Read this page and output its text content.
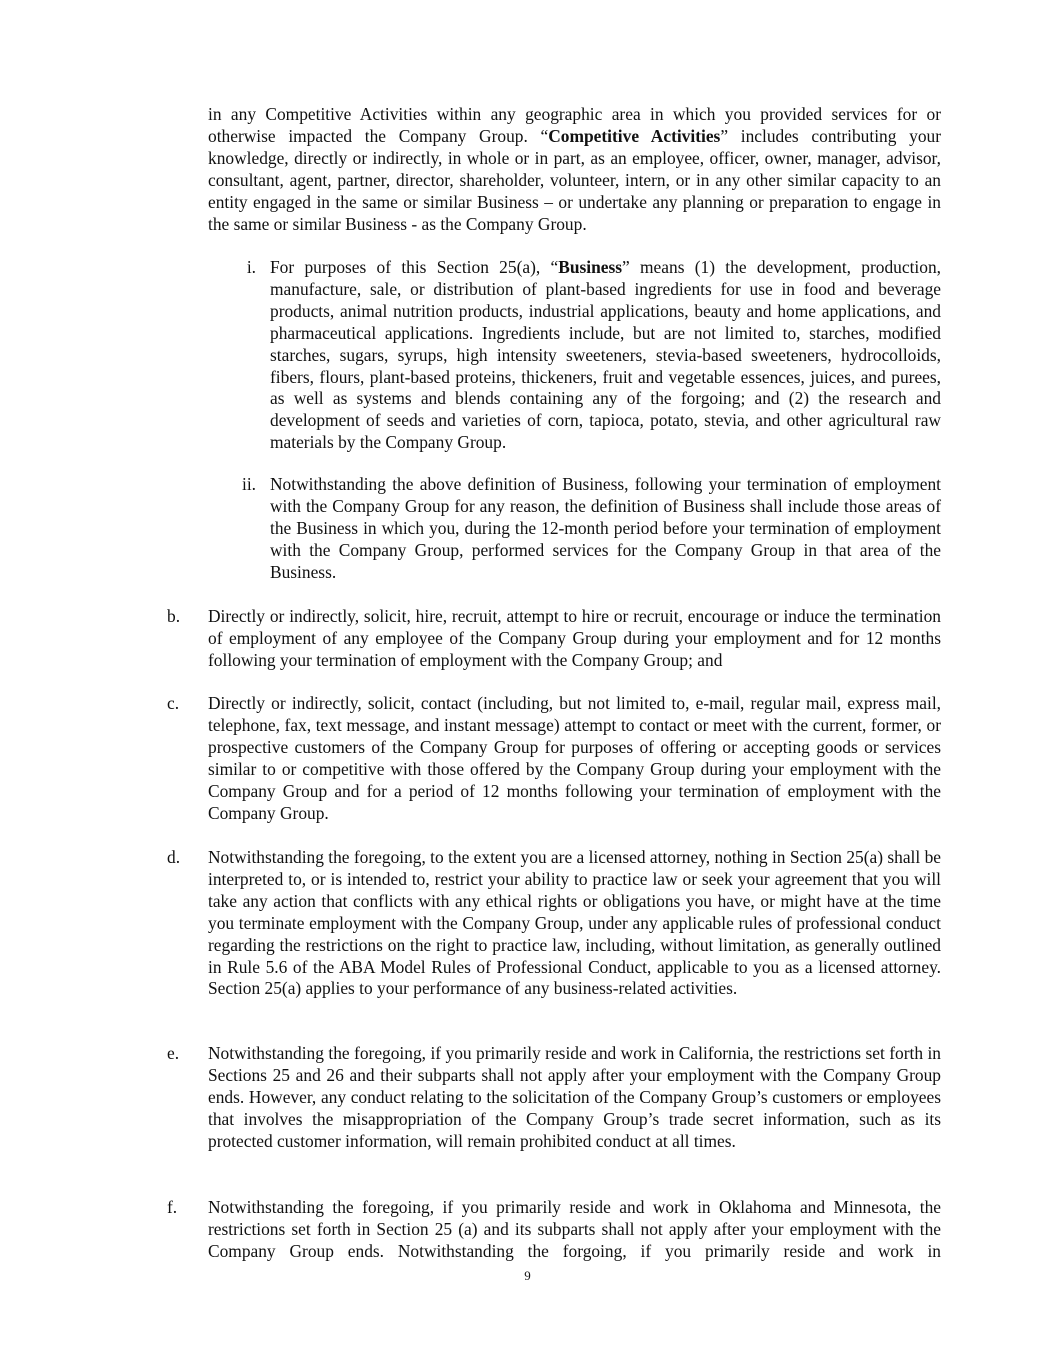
in any Competitive Activities within any geographic area in which you provided services for or otherwise impacted the Company Group. “Competitive Activities” includes contributing your knowledge, directly or indirectly, in whole or in part, as an employee, officer, owner, manager, advisor, consultant, agent, partner, director, shareholder, volunteer, intern, or in any other similar capacity to an entity engaged in the same or similar Business – or undertake any planning or preparation to engage in the same or similar Business - as the Company Group.

i. For purposes of this Section 25(a), “Business” means (1) the development, production, manufacture, sale, or distribution of plant-based ingredients for use in food and beverage products, animal nutrition products, industrial applications, beauty and home applications, and pharmaceutical applications. Ingredients include, but are not limited to, starches, modified starches, sugars, syrups, high intensity sweeteners, stevia-based sweeteners, hydrocolloids, fibers, flours, plant-based proteins, thickeners, fruit and vegetable essences, juices, and purees, as well as systems and blends containing any of the forgoing; and (2) the research and development of seeds and varieties of corn, tapioca, potato, stevia, and other agricultural raw materials by the Company Group.

ii. Notwithstanding the above definition of Business, following your termination of employment with the Company Group for any reason, the definition of Business shall include those areas of the Business in which you, during the 12-month period before your termination of employment with the Company Group, performed services for the Company Group in that area of the Business.

b.	Directly or indirectly, solicit, hire, recruit, attempt to hire or recruit, encourage or induce the termination of employment of any employee of the Company Group during your employment and for 12 months following your termination of employment with the Company Group; and

c.	Directly or indirectly, solicit, contact (including, but not limited to, e-mail, regular mail, express mail, telephone, fax, text message, and instant message) attempt to contact or meet with the current, former, or prospective customers of the Company Group for purposes of offering or accepting goods or services similar to or competitive with those offered by the Company Group during your employment with the Company Group and for a period of 12 months following your termination of employment with the Company Group.

d.	Notwithstanding the foregoing, to the extent you are a licensed attorney, nothing in Section 25(a) shall be interpreted to, or is intended to, restrict your ability to practice law or seek your agreement that you will take any action that conflicts with any ethical rights or obligations you have, or might have at the time you terminate employment with the Company Group, under any applicable rules of professional conduct regarding the restrictions on the right to practice law, including, without limitation, as generally outlined in Rule 5.6 of the ABA Model Rules of Professional Conduct, applicable to you as a licensed attorney. Section 25(a) applies to your performance of any business-related activities.

e.	Notwithstanding the foregoing, if you primarily reside and work in California, the restrictions set forth in Sections 25 and 26 and their subparts shall not apply after your employment with the Company Group ends. However, any conduct relating to the solicitation of the Company Group’s customers or employees that involves the misappropriation of the Company Group’s trade secret information, such as its protected customer information, will remain prohibited conduct at all times.

f.	Notwithstanding the foregoing, if you primarily reside and work in Oklahoma and Minnesota, the restrictions set forth in Section 25 (a) and its subparts shall not apply after your employment with the Company Group ends. Notwithstanding the forgoing, if you primarily reside and work in

9
